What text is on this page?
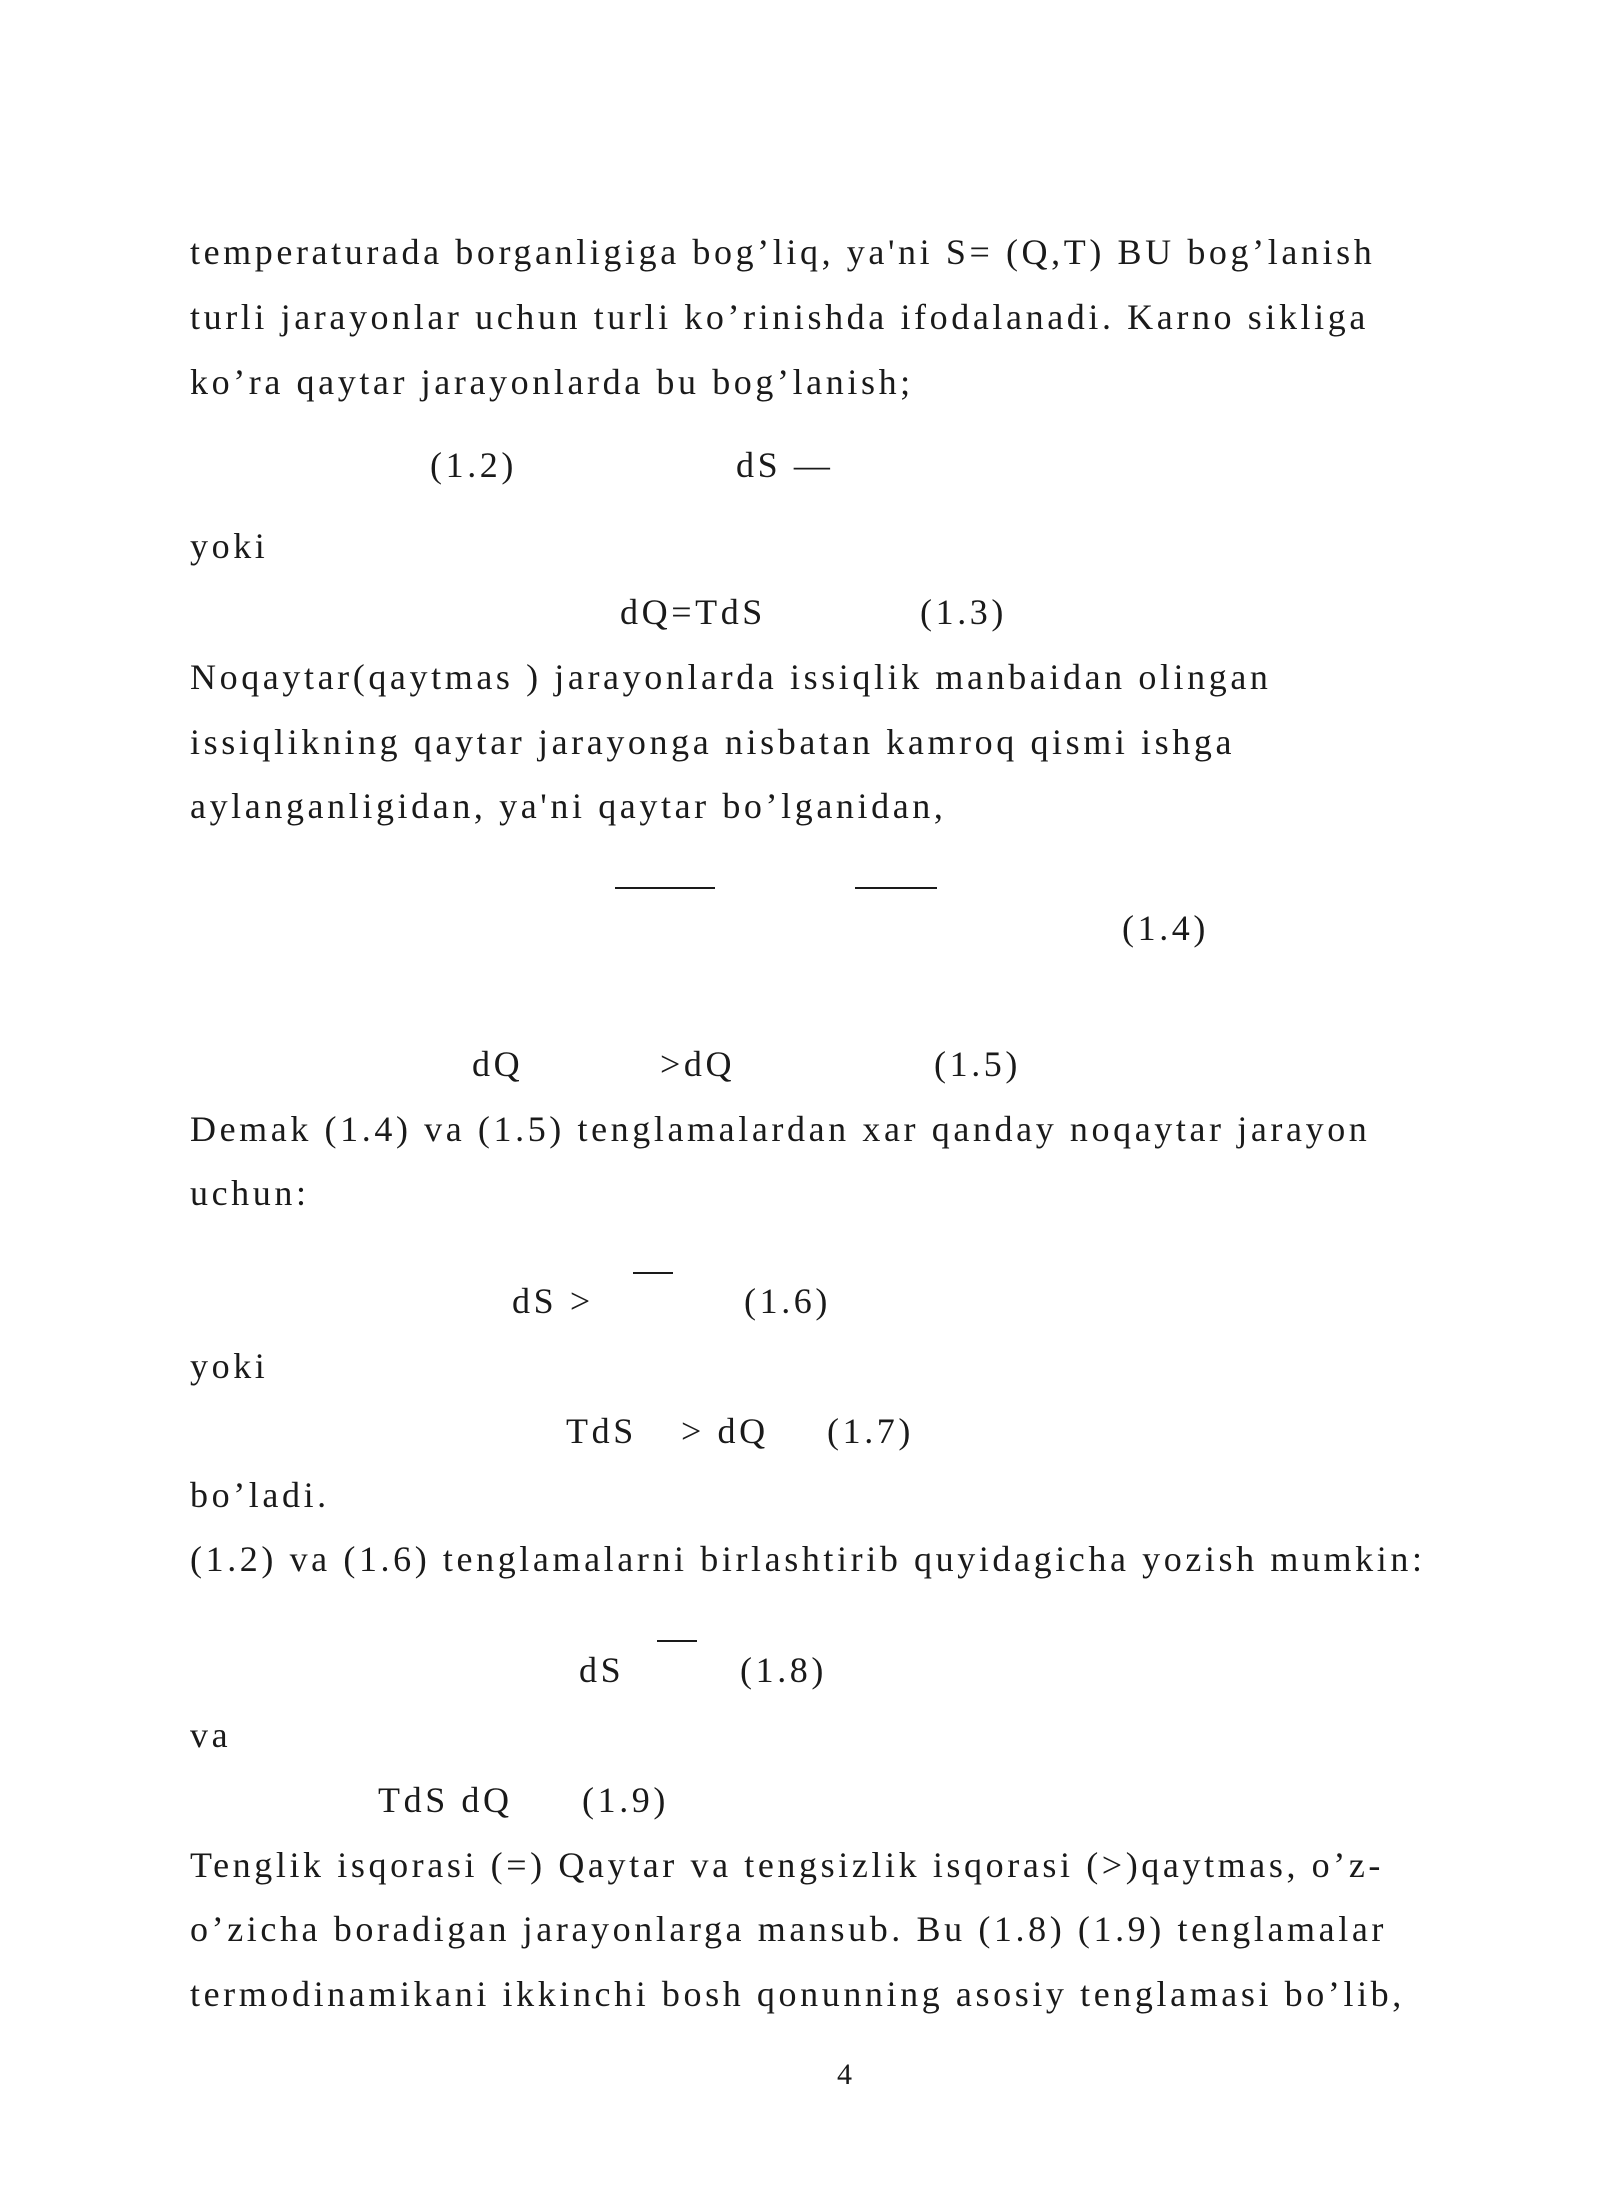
temperaturada borganligiga bog’liq, ya'ni S= (Q,T) BU bog’lanish
turli jarayonlar uchun turli ko’rinishda ifodalanadi. Karno sikliga
ko’ra qaytar jarayonlarda bu bog’lanish;
(1.2)	dS —
yoki
dQ=TdS	(1.3)
Noqaytar(qaytmas ) jarayonlarda issiqlik manbaidan olingan
issiqlikning qaytar jarayonga nisbatan kamroq qismi ishga
aylanganligidan, ya'ni qaytar bo’lganidan,
(1.4)
dQ	>dQ	(1.5)
Demak (1.4) va (1.5) tenglamalardan xar qanday noqaytar jarayon
uchun:
dS >	(1.6)
yoki
TdS > dQ (1.7)
bo’ladi.
(1.2) va (1.6) tenglamalarni birlashtirib quyidagicha yozish mumkin:
dS	(1.8)
va
TdS dQ (1.9)
Tenglik isqorasi (=) Qaytar va tengsizlik isqorasi (>)qaytmas, o’z-
o’zicha boradigan jarayonlarga mansub. Bu (1.8) (1.9) tenglamalar
termodinamikani ikkinchi bosh qonunning asosiy tenglamasi bo’lib,
4
